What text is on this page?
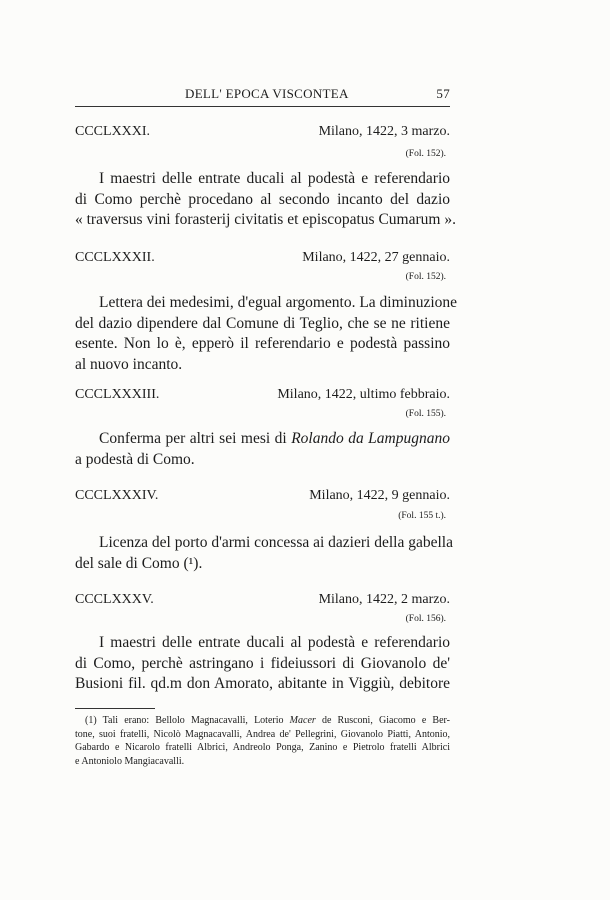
DELL' EPOCA VISCONTEA	57
CCCLXXXI.	Milano, 1422, 3 marzo.
(Fol. 152).
I maestri delle entrate ducali al podestà e referendario
di Como perchè procedano al secondo incanto del dazio
« traversus vini forasterij civitatis et episcopatus Cumarum ».
CCCLXXXII.	Milano, 1422, 27 gennaio.
(Fol. 152).
Lettera dei medesimi, d'egual argomento. La diminuzione
del dazio dipendere dal Comune di Teglio, che se ne ritiene
esente. Non lo è, epperò il referendario e podestà passino
al nuovo incanto.
CCCLXXXIII.	Milano, 1422, ultimo febbraio.
(Fol. 155).
Conferma per altri sei mesi di Rolando da Lampugnano
a podestà di Como.
CCCLXXXIV.	Milano, 1422, 9 gennaio.
(Fol. 155 t.).
Licenza del porto d'armi concessa ai dazieri della gabella
del sale di Como (¹).
CCCLXXXV.	Milano, 1422, 2 marzo.
(Fol. 156).
I maestri delle entrate ducali al podestà e referendario
di Como, perchè astringano i fideiussori di Giovanolo de'
Busioni fil. qd.m don Amorato, abitante in Viggiù, debitore
(1) Tali erano: Bellolo Magnacavalli, Loterio Macer de Rusconi, Giacomo e Ber-
tone, suoi fratelli, Nicolò Magnacavalli, Andrea de' Pellegrini, Giovanolo Piatti, Antonio,
Gabardo e Nicarolo fratelli Albrici, Andreolo Ponga, Zanino e Pietrolo fratelli Albrici
e Antoniolo Mangiacavalli.
